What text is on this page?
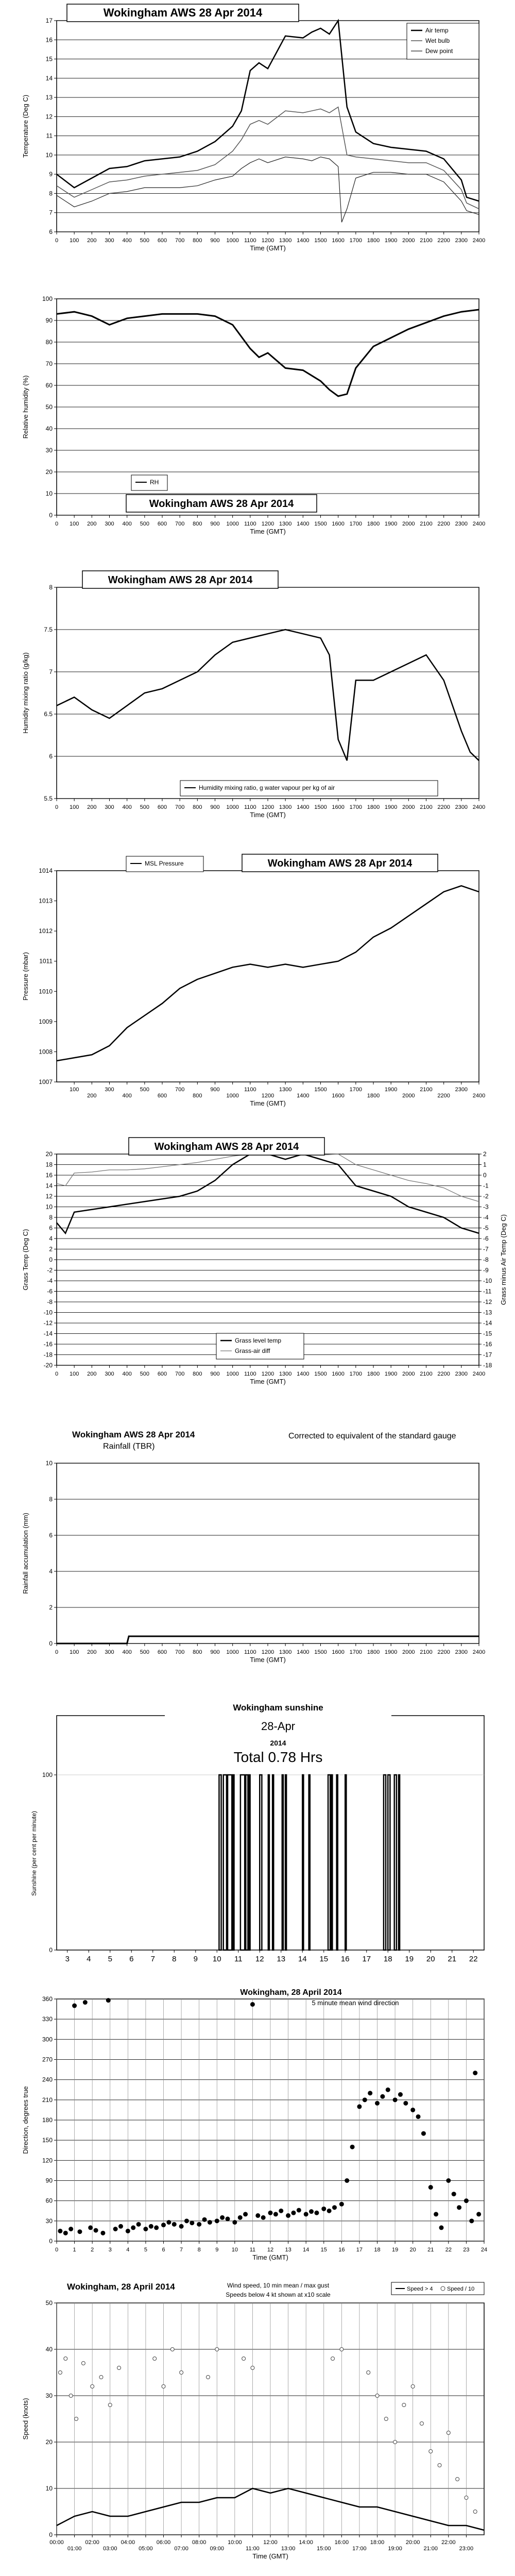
6
7
8
9
10
11
12
13
14
15
16
17
0 100 200 300 400 500 600 700 800 900 1000 1100 1200 1300 1400 1500 1600 1700 1800 1900 2000 2100 2200 2300 2400
Time (GMT)
Temperature (Deg C)
Wokingham AWS 28 Apr 2014
Air temp
Wet bulb
Dew point
0
10
20
30
40
50
60
70
80
90
100
0 100 200 300 400 500 600 700 800 900 1000 1100 1200 1300 1400 1500 1600 1700 1800 1900 2000 2100 2200 2300 2400
Time (GMT)
Relative humidity (%)
RH
Wokingham AWS 28 Apr 2014
5.5
6
6.5
7
7.5
8
0 100 200 300 400 500 600 700 800 900 1000 1100 1200 1300 1400 1500 1600 1700 1800 1900 2000 2100 2200 2300 2400
Time (GMT)
Humidity mixing ratio (g/kg)
Wokingham AWS 28 Apr 2014
Humidity mixing ratio, g water vapour per kg of air
1007
1008
1009
1010
1011
1012
1013
1014
100
200
300
400
500
600
700
800
900
1000
1100
1200
1300
1400
1500
1600
1700
1800
1900
2000
2100
2200
2300
2400
Time (GMT)
Pressure (mbar)
MSL Pressure	Wokingham AWS 28 Apr 2014
20
18
16
14
12
10
8
6
4
2
0
-2
-4
-6
-8
-10
-12
-14
-16
-18
-20
0 100 200 300 400 500 600 700 800 900 1000 1100 1200 1300 1400 1500 1600 1700 1800 1900 2000 2100 2200 2300 2400
Time (GMT)
Grass Temp (Deg C)
2
1
0
-1
-2
-3
-4
-5
-6
-7
-8
-9
-10
-11
-12
-13
-14
-15
-16
-17
-18
Grass minus Air Temp (Deg C)
Wokingham AWS 28 Apr 2014
Grass level temp
Grass-air diff
0
2
4
6
8
10
0 100 200 300 400 500 600 700 800 900 1000 1100 1200 1300 1400 1500 1600 1700 1800 1900 2000 2100 2200 2300 2400
Time (GMT)
Rainfall accumulation (mm)
Wokingham AWS 28 Apr 2014
Rainfall (TBR)
Corrected to equivalent of the standard gauge
0
100
3 4 5 6 7 8 9 10 11 12 13 14 15 16 17 18 19 20 21 22
Sunshine (per cent per minute)
Wokingham sunshine
28-Apr
2014
Total 0.78 Hrs
0
30
60
90
120
150
180
210
240
270
300
330
360
0	1	2	3	4	5	6	7	8	9 10 11 12 13 14 15 16 17 18 19 20 21 22 23 24
Time (GMT)
Direction, degrees true
Wokingham, 28 April 2014
5 minute mean wind direction
0
10
20
30
40
50
00:00
01:00
02:00
03:00
04:00
05:00
06:00
07:00
08:00
09:00
10:00
11:00
12:00
13:00
14:00
15:00
16:00
17:00
18:00
19:00
20:00
21:00
22:00
23:00
Time (GMT)
Speed (knots)
Wokingham, 28 April 2014	Wind speed, 10 min mean / max gust
Speeds below 4 kt shown at x10 scale
Speed > 4	Speed / 10
